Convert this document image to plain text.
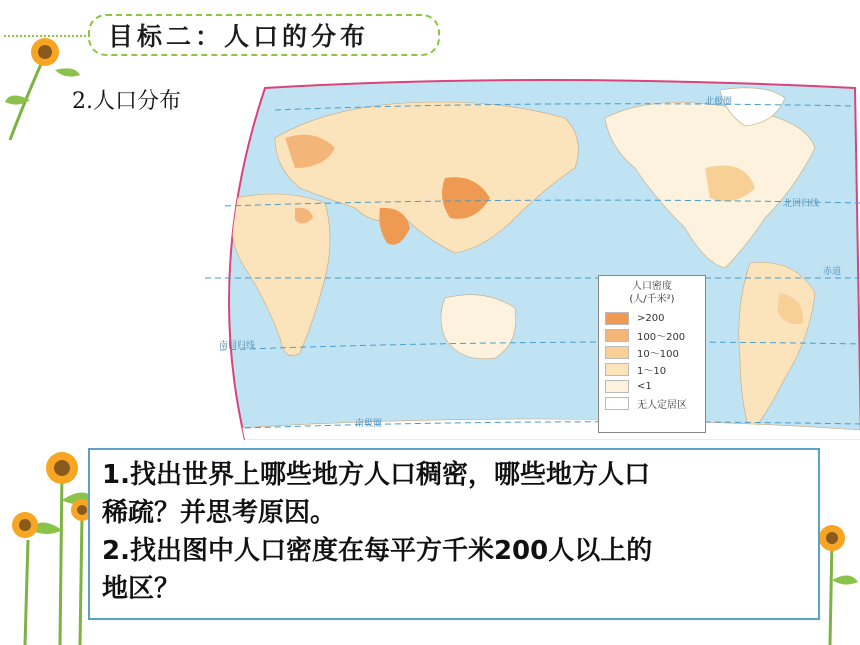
目标二：人口的分布
2.人口分布	北极圈
北回归线
赤道
南回归线
南极圈
人口密度
(人/千米²)
>200
100～200
10～100
1～10
<1
无人定居区
1.找出世界上哪些地方人口稠密，哪些地方人口
稀疏？并思考原因。
2.找出图中人口密度在每平方千米200人以上的
地区？
